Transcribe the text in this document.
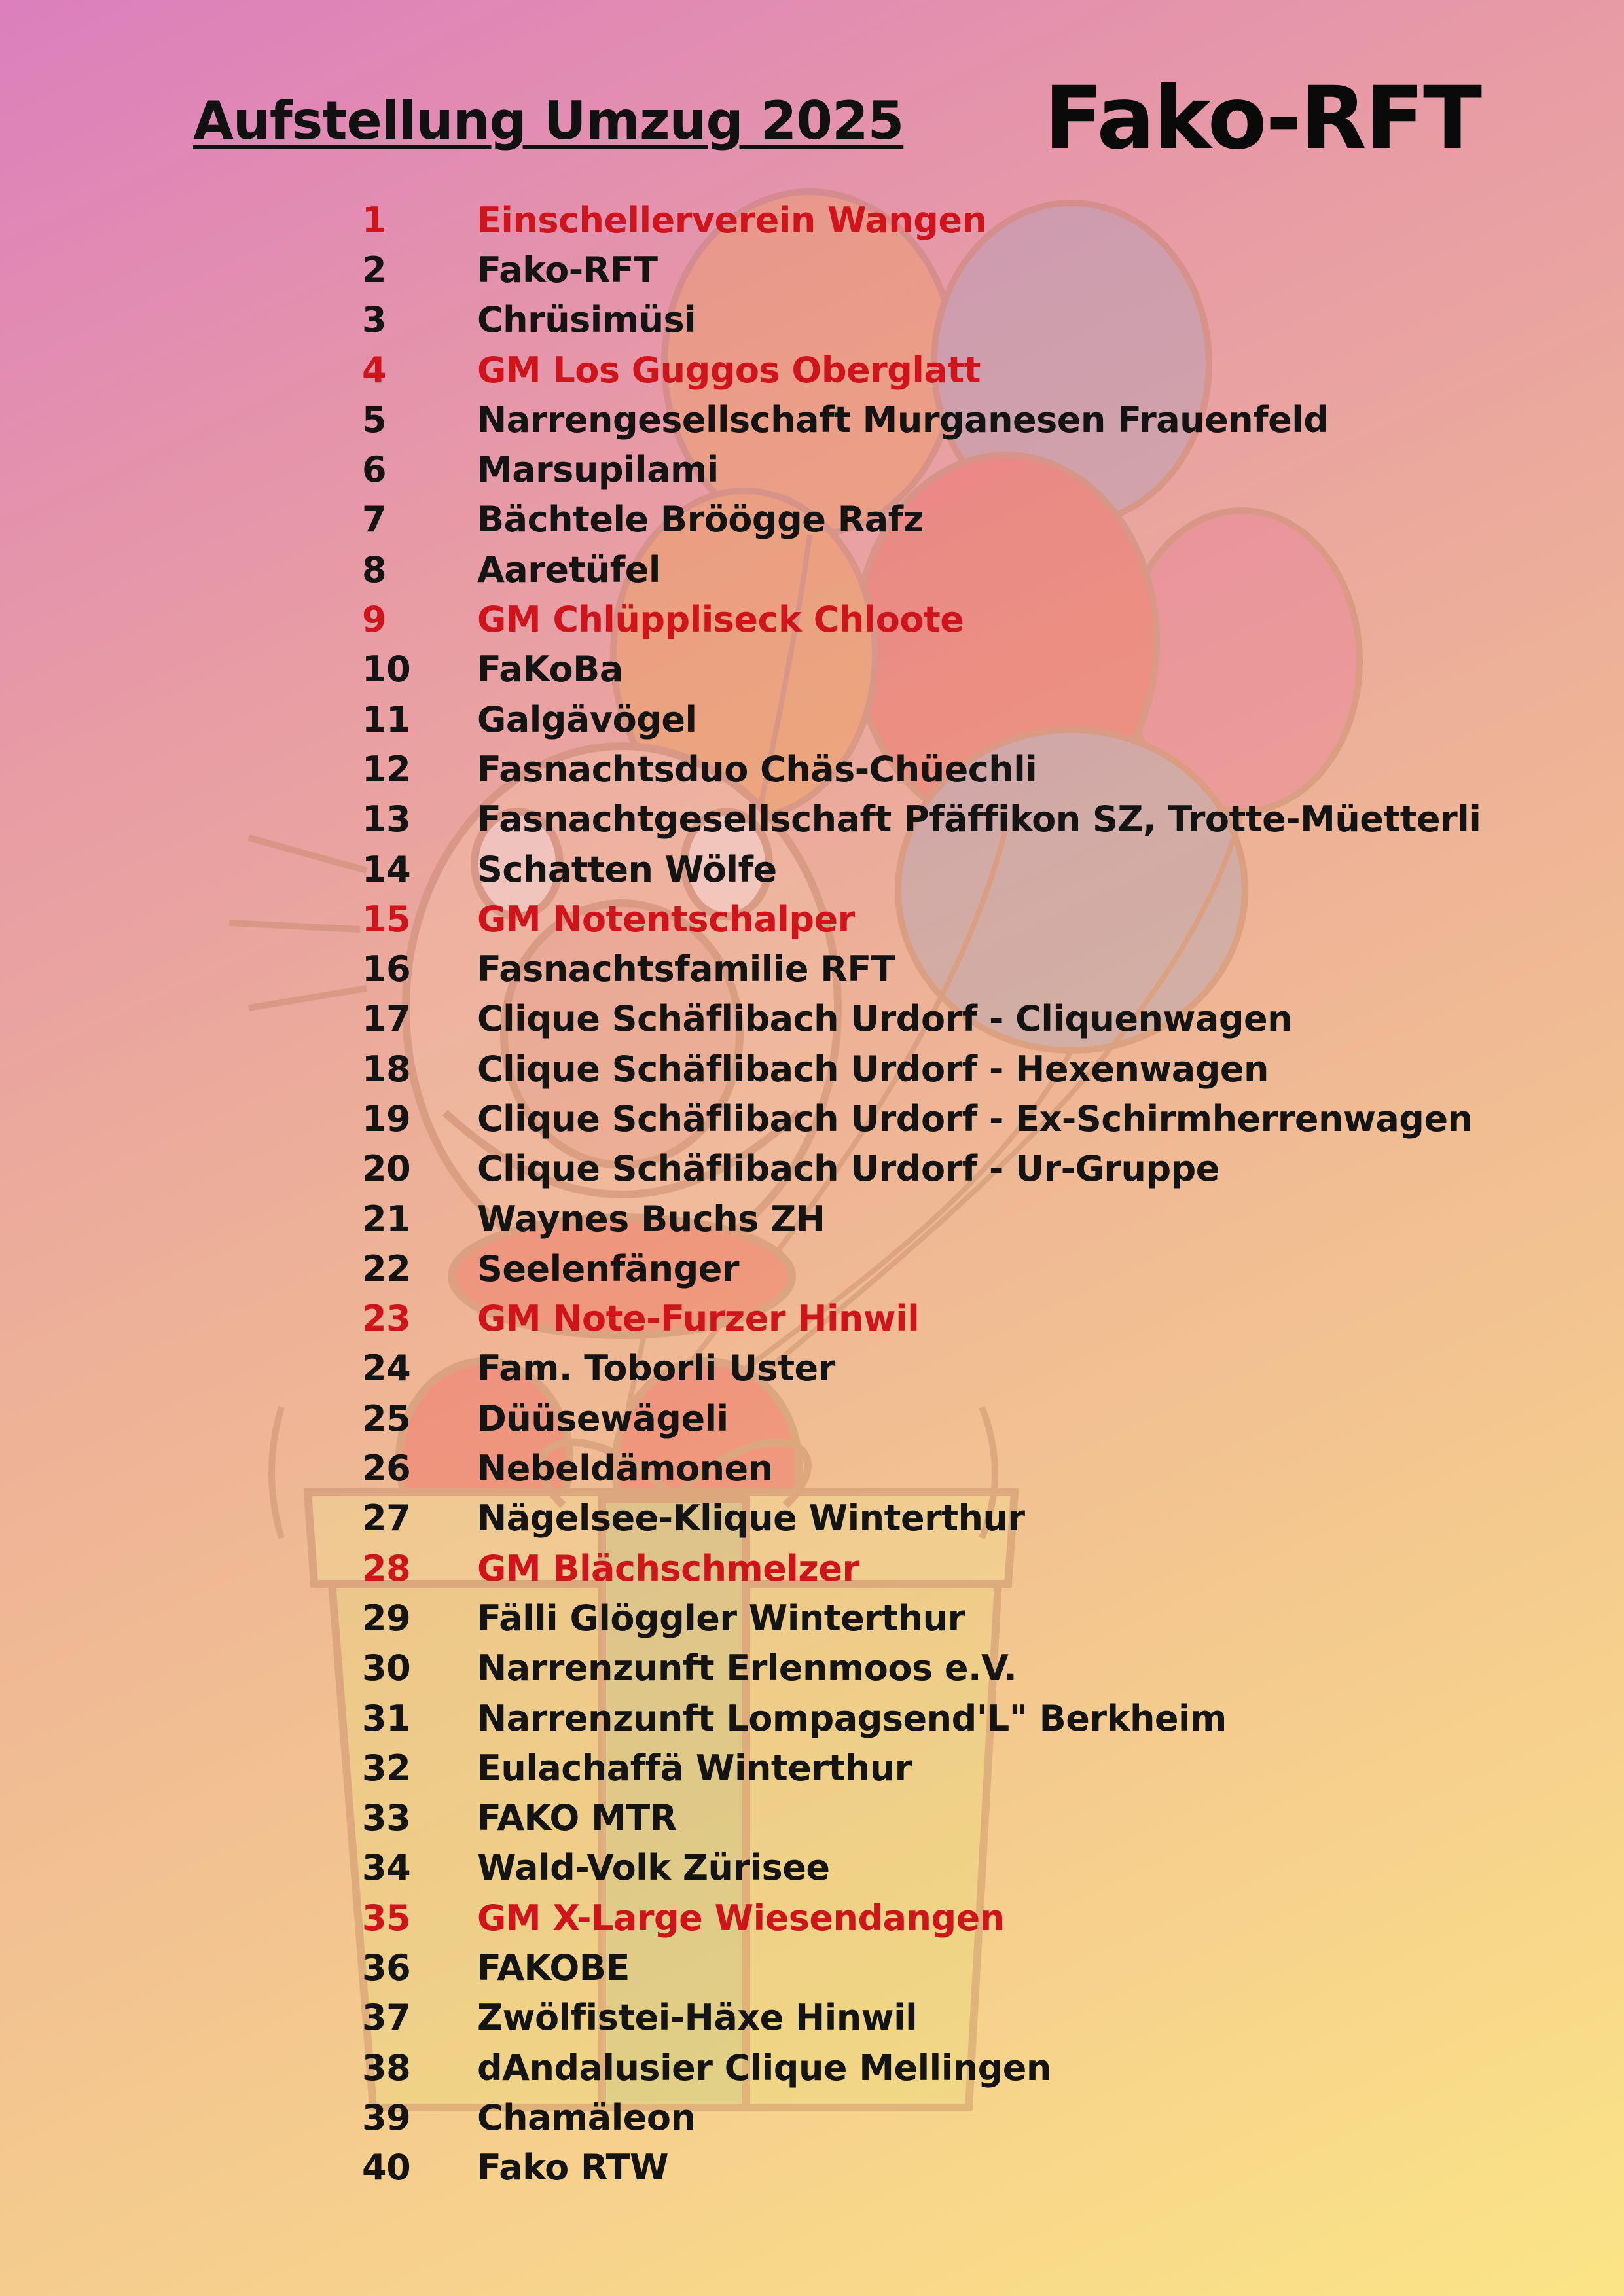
Aufstellung Umzug 2025 Fako-RFT
1	Einschellerverein Wangen
2	Fako-RFT
3	Chrüsimüsi
4	GM Los Guggos Oberglatt
5	Narrengesellschaft Murganesen Frauenfeld
6	Marsupilami
7	Bächtele Bröögge Rafz
8	Aaretüfel
9	GM Chlüppliseck Chloote
10	FaKoBa
11	Galgävögel
12	Fasnachtsduo Chäs-Chüechli
13	Fasnachtgesellschaft Pfäffikon SZ, Trotte-Müetterli
14	Schatten Wölfe
15	GM Notentschalper
16	Fasnachtsfamilie RFT
17	Clique Schäflibach Urdorf - Cliquenwagen
18	Clique Schäflibach Urdorf - Hexenwagen
19	Clique Schäflibach Urdorf - Ex-Schirmherrenwagen
20	Clique Schäflibach Urdorf - Ur-Gruppe
21	Waynes Buchs ZH
22	Seelenfänger
23	GM Note-Furzer Hinwil
24	Fam. Toborli Uster
25	Düüsewägeli
26	Nebeldämonen
27	Nägelsee-Klique Winterthur
28	GM Blächschmelzer
29	Fälli Glöggler Winterthur
30	Narrenzunft Erlenmoos e.V.
31	Narrenzunft Lompagsend'L" Berkheim
32	Eulachaffä Winterthur
33	FAKO MTR
34	Wald-Volk Zürisee
35	GM X-Large Wiesendangen
36	FAKOBE
37	Zwölfistei-Häxe Hinwil
38	dAndalusier Clique Mellingen
39	Chamäleon
40	Fako RTW
